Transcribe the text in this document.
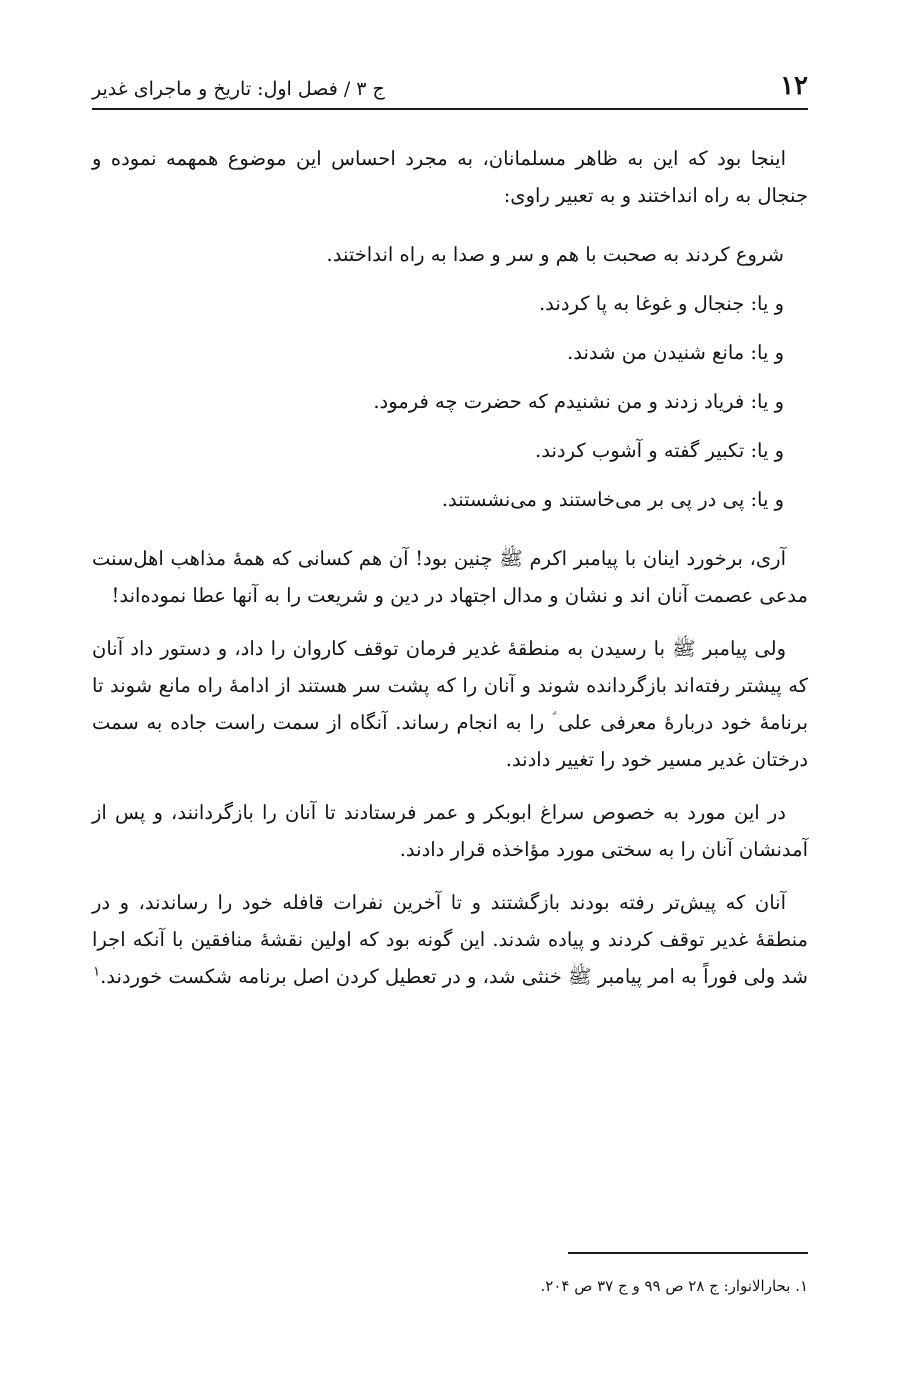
۱۲
ج ۳ / فصل اول: تاریخ و ماجرای غدیر

اینجا بود که این به ظاهر مسلمانان، به مجرد احساس این موضوع همهمه نموده و جنجال به راه انداختند و به تعبیر راوی:

شروع کردند به صحبت با هم و سر و صدا به راه انداختند.
و یا: جنجال و غوغا به پا کردند.
و یا: مانع شنیدن من شدند.
و یا: فریاد زدند و من نشنیدم که حضرت چه فرمود.
و یا: تکبیر گفته و آشوب کردند.
و یا: پی در پی بر می‌خاستند و می‌نشستند.

آری، برخورد اینان با پیامبر اکرم ﷺ چنین بود! آن هم کسانی که همهٔ مذاهب اهل‌سنت مدعی عصمت آنان اند و نشان و مدال اجتهاد در دین و شریعت را به آنها عطا نموده‌اند!

ولی پیامبر ﷺ با رسیدن به منطقهٔ غدیر فرمان توقف کاروان را داد، و دستور داد آنان که پیشتر رفته‌اند بازگردانده شوند و آنان را که پشت سر هستند از ادامهٔ راه مانع شوند تا برنامهٔ خود دربارهٔ معرفی علی ؑ را به انجام رساند. آنگاه از سمت راست جاده به سمت درختان غدیر مسیر خود را تغییر دادند.

در این مورد به خصوص سراغ ابوبکر و عمر فرستادند تا آنان را بازگردانند، و پس از آمدنشان آنان را به سختی مورد مؤاخذه قرار دادند.

آنان که پیش‌تر رفته بودند بازگشتند و تا آخرین نفرات قافله خود را رساندند، و در منطقهٔ غدیر توقف کردند و پیاده شدند. این گونه بود که اولین نقشهٔ منافقین با آنکه اجرا شد ولی فوراً به امر پیامبر ﷺ خنثی شد، و در تعطیل کردن اصل برنامه شکست خوردند.$^۱$

۱. بحارالانوار: ج ۲۸ ص ۹۹ و ج ۳۷ ص ۲۰۴.
